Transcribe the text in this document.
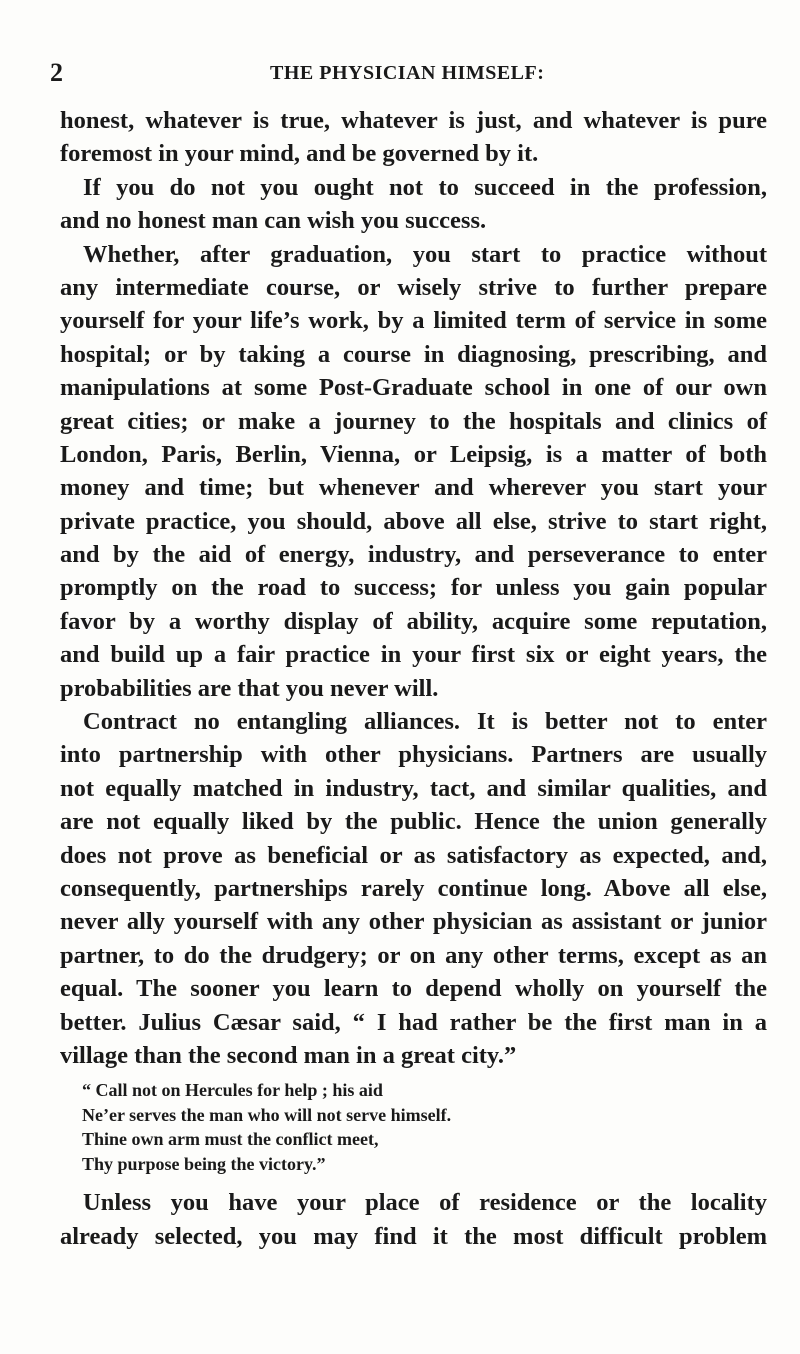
2	THE PHYSICIAN HIMSELF:
honest, whatever is true, whatever is just, and whatever is pure
foremost in your mind, and be governed by it.
If you do not you ought not to succeed in the profession,
and no honest man can wish you success.
Whether, after graduation, you start to practice without
any intermediate course, or wisely strive to further prepare
yourself for your life’s work, by a limited term of service in some
hospital; or by taking a course in diagnosing, prescribing, and
manipulations at some Post-Graduate school in one of our own
great cities; or make a journey to the hospitals and clinics of
London, Paris, Berlin, Vienna, or Leipsig, is a matter of both
money and time; but whenever and wherever you start your
private practice, you should, above all else, strive to start right,
and by the aid of energy, industry, and perseverance to enter
promptly on the road to success; for unless you gain popular
favor by a worthy display of ability, acquire some reputation,
and build up a fair practice in your first six or eight years, the
probabilities are that you never will.
Contract no entangling alliances. It is better not to enter
into partnership with other physicians. Partners are usually
not equally matched in industry, tact, and similar qualities, and
are not equally liked by the public. Hence the union generally
does not prove as beneficial or as satisfactory as expected, and,
consequently, partnerships rarely continue long. Above all else,
never ally yourself with any other physician as assistant or junior
partner, to do the drudgery; or on any other terms, except as an
equal. The sooner you learn to depend wholly on yourself the
better. Julius Cæsar said, “ I had rather be the first man in a
village than the second man in a great city.”
“ Call not on Hercules for help ; his aid
Ne’er serves the man who will not serve himself.
Thine own arm must the conflict meet,
Thy purpose being the victory.”
Unless you have your place of residence or the locality
already selected, you may find it the most difficult problem
